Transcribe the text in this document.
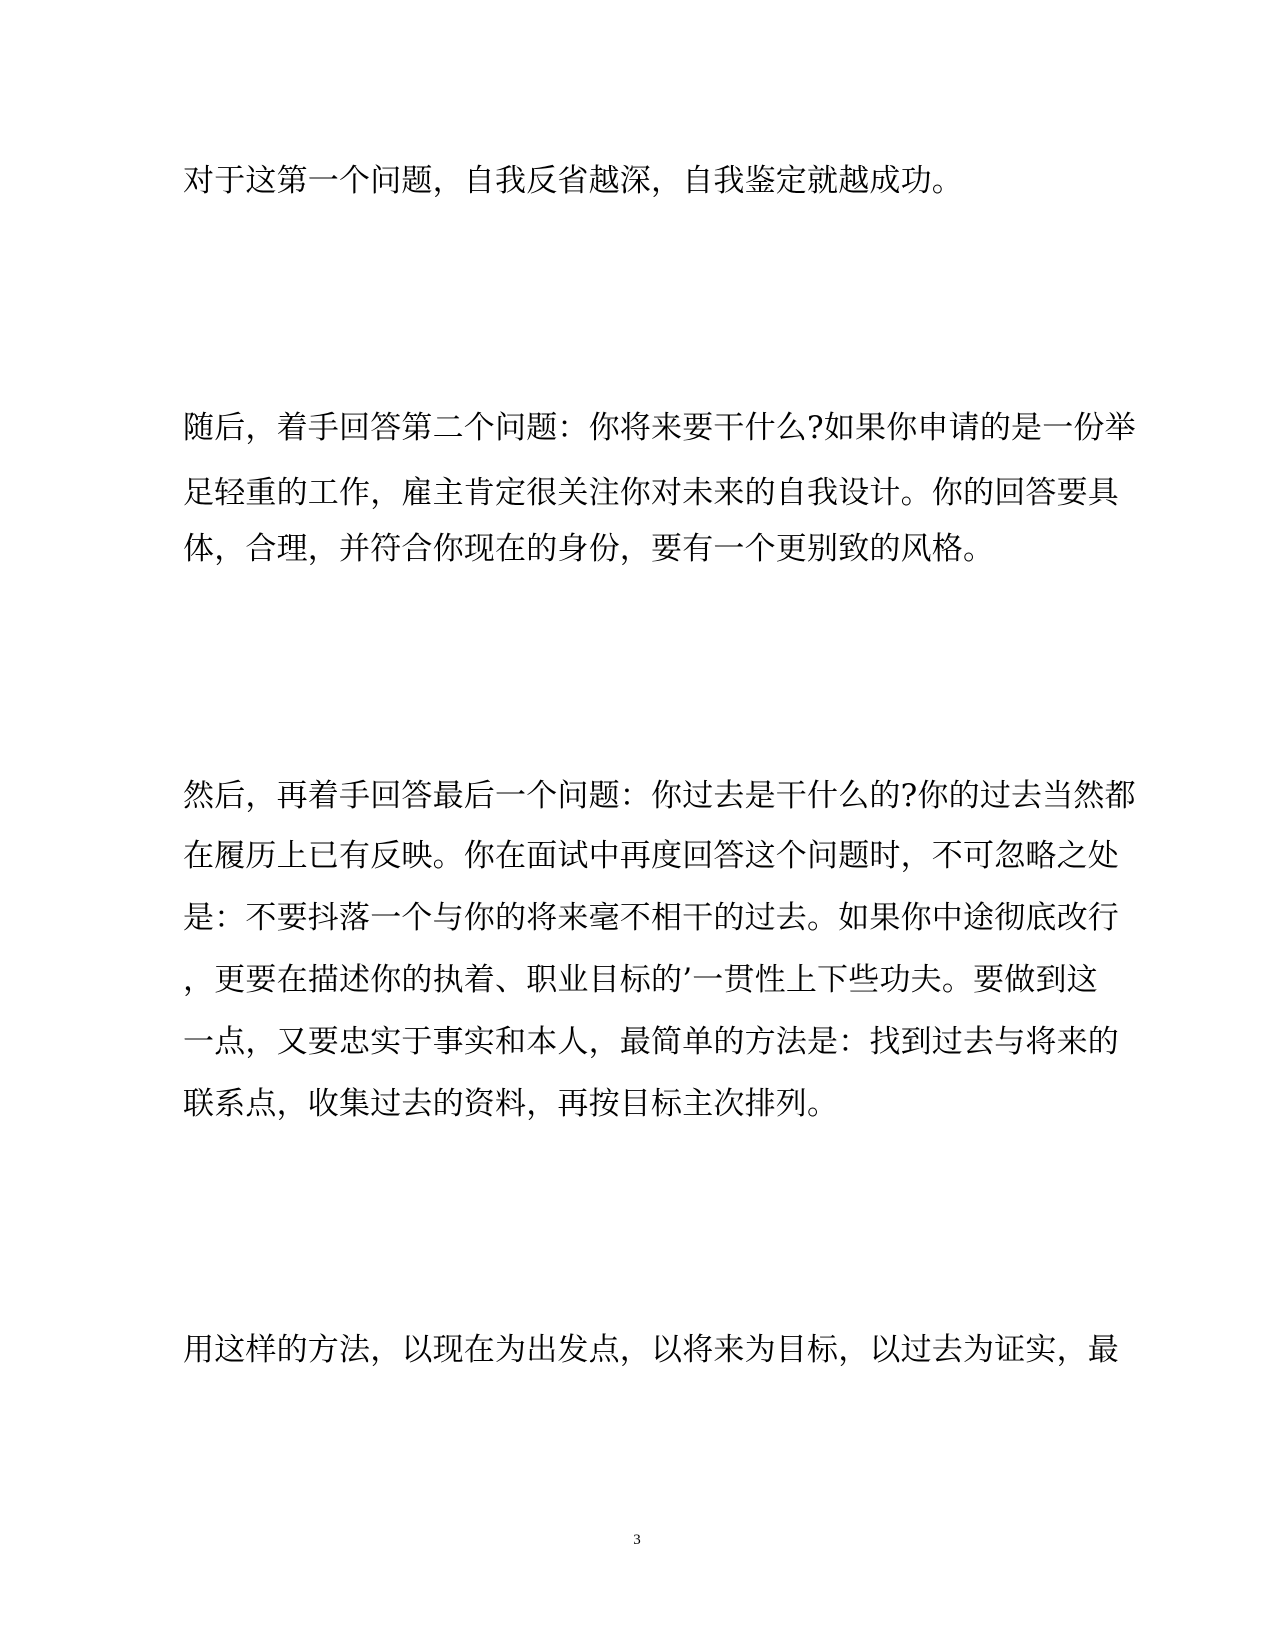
对于这第一个问题，自我反省越深，自我鉴定就越成功。
随后，着手回答第二个问题：你将来要干什么?如果你申请的是一份举
足轻重的工作，雇主肯定很关注你对未来的自我设计。你的回答要具
体，合理，并符合你现在的身份，要有一个更别致的风格。
然后，再着手回答最后一个问题：你过去是干什么的?你的过去当然都
在履历上已有反映。你在面试中再度回答这个问题时，不可忽略之处
是：不要抖落一个与你的将来毫不相干的过去。如果你中途彻底改行
，更要在描述你的执着、职业目标的’一贯性上下些功夫。要做到这
一点，又要忠实于事实和本人，最简单的方法是：找到过去与将来的
联系点，收集过去的资料，再按目标主次排列。
用这样的方法，以现在为出发点，以将来为目标，以过去为证实，最
3
